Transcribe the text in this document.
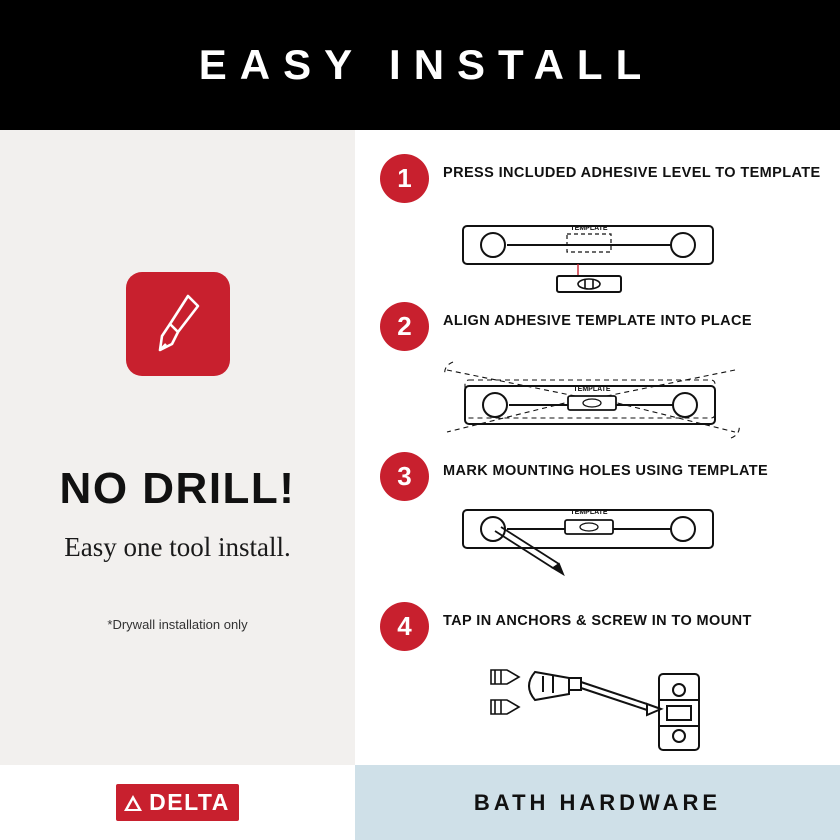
EASY INSTALL
NO DRILL!
Easy one tool install.
*Drywall installation only
1	PRESS INCLUDED ADHESIVE LEVEL TO TEMPLATE
TEMPLATE
2	ALIGN ADHESIVE TEMPLATE INTO PLACE
TEMPLATE
3	MARK MOUNTING HOLES USING TEMPLATE
TEMPLATE
4	TAP IN ANCHORS & SCREW IN TO MOUNT
DELTA	BATH HARDWARE
